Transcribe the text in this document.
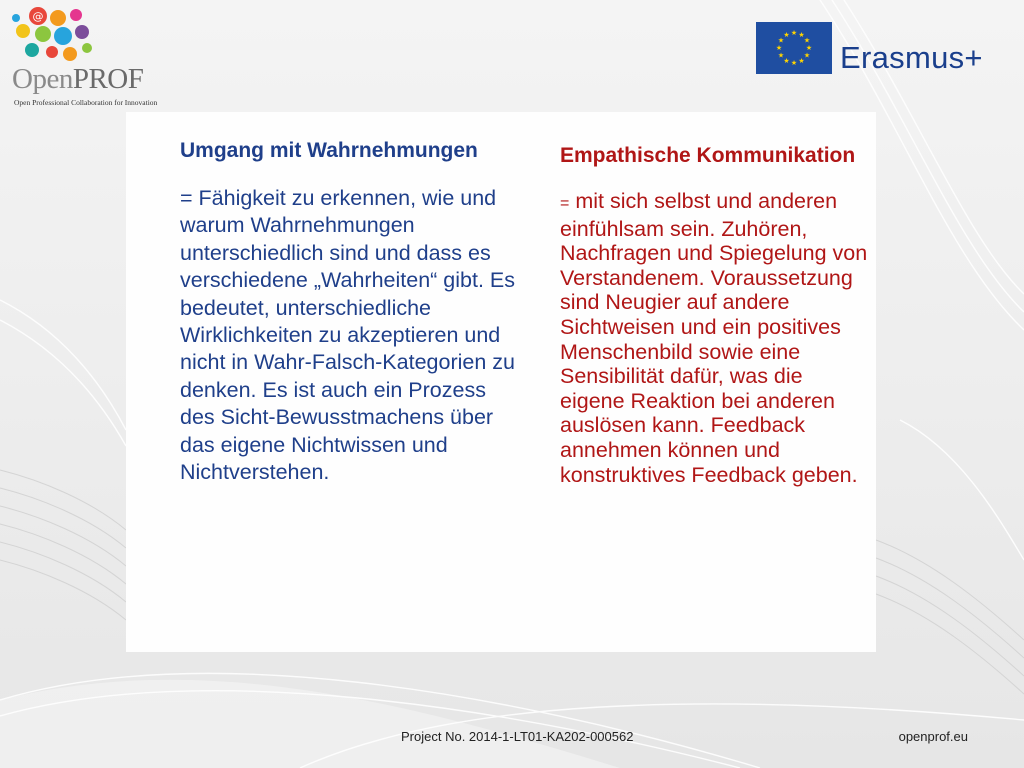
@
OpenPROF
Open Professional Collaboration for Innovation
★ ★
★
★
★
★
★
★
★
★
★
★
Erasmus+
Umgang mit Wahrnehmungen

= Fähigkeit zu erkennen, wie und warum Wahrnehmungen unterschiedlich sind und dass es verschiedene „Wahrheiten“ gibt. Es bedeutet, unterschiedliche Wirklichkeiten zu akzeptieren und nicht in Wahr-Falsch-Kategorien zu denken. Es ist auch ein Prozess des Sicht-Bewusstmachens über das eigene Nichtwissen und Nichtverstehen.

Empathische Kommunikation

= mit sich selbst und anderen einfühlsam sein. Zuhören, Nachfragen und Spiegelung von Verstandenem. Voraussetzung sind Neugier auf andere Sichtweisen und ein positives Menschenbild sowie eine Sensibilität dafür, was die eigene Reaktion bei anderen auslösen kann. Feedback annehmen können und konstruktives Feedback geben.

Project No. 2014-1-LT01-KA202-000562	openprof.eu
